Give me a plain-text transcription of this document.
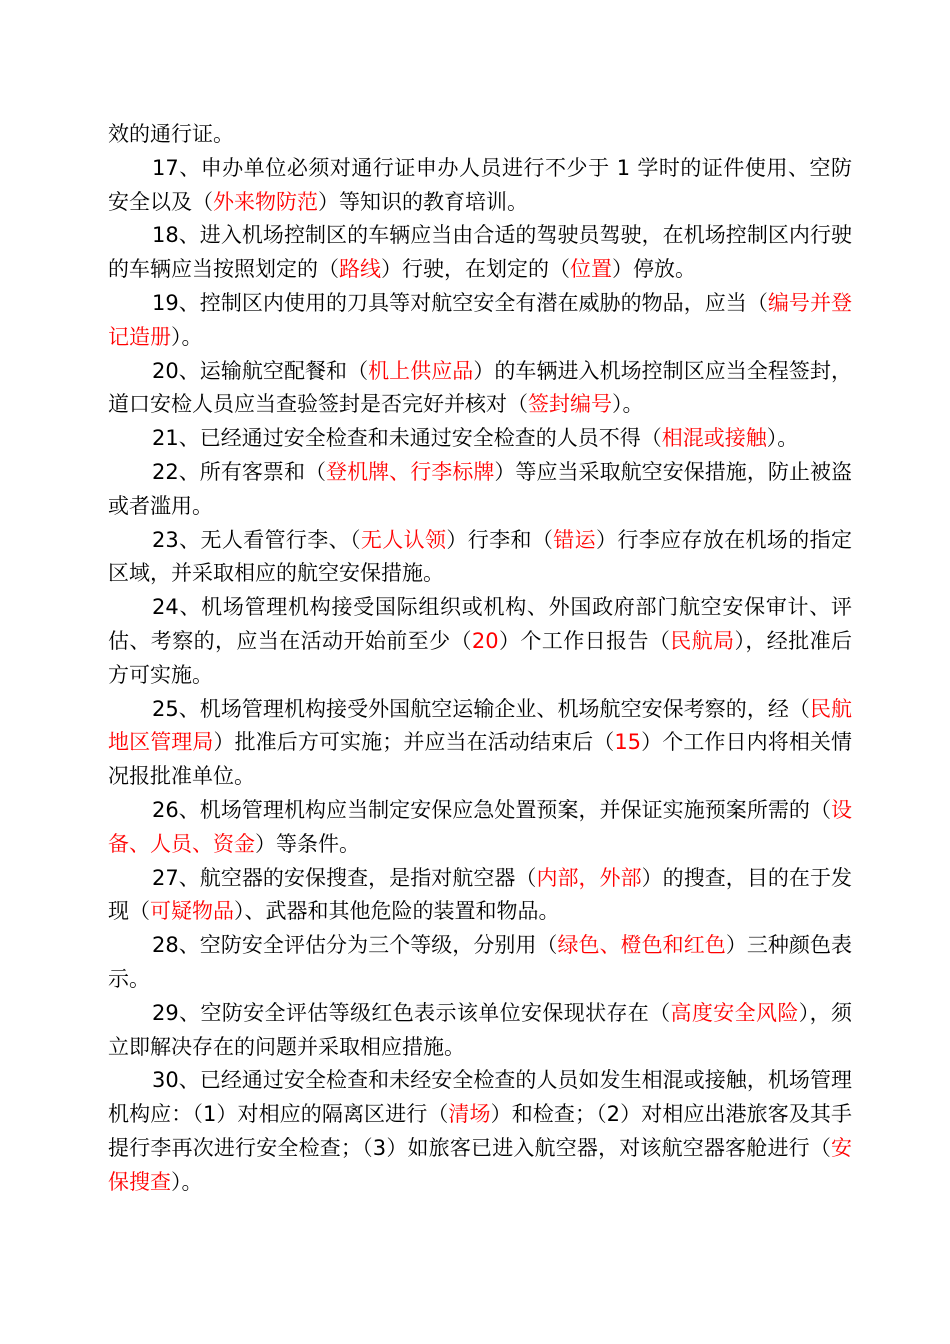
效的通行证。

17、申办单位必须对通行证申办人员进行不少于 1 学时的证件使用、空防安全以及（外来物防范）等知识的教育培训。

18、进入机场控制区的车辆应当由合适的驾驶员驾驶，在机场控制区内行驶的车辆应当按照划定的（路线）行驶，在划定的（位置）停放。

19、控制区内使用的刀具等对航空安全有潜在威胁的物品，应当（编号并登记造册）。

20、运输航空配餐和（机上供应品）的车辆进入机场控制区应当全程签封，道口安检人员应当查验签封是否完好并核对（签封编号）。

21、已经通过安全检查和未通过安全检查的人员不得（相混或接触）。

22、所有客票和（登机牌、行李标牌）等应当采取航空安保措施，防止被盗或者滥用。

23、无人看管行李、（无人认领）行李和（错运）行李应存放在机场的指定区域，并采取相应的航空安保措施。

24、机场管理机构接受国际组织或机构、外国政府部门航空安保审计、评估、考察的，应当在活动开始前至少（20）个工作日报告（民航局），经批准后方可实施。

25、机场管理机构接受外国航空运输企业、机场航空安保考察的，经（民航地区管理局）批准后方可实施；并应当在活动结束后（15）个工作日内将相关情况报批准单位。

26、机场管理机构应当制定安保应急处置预案，并保证实施预案所需的（设备、人员、资金）等条件。

27、航空器的安保搜查，是指对航空器（内部，外部）的搜查，目的在于发现（可疑物品）、武器和其他危险的装置和物品。

28、空防安全评估分为三个等级，分别用（绿色、橙色和红色）三种颜色表示。

29、空防安全评估等级红色表示该单位安保现状存在（高度安全风险），须立即解决存在的问题并采取相应措施。

30、已经通过安全检查和未经安全检查的人员如发生相混或接触，机场管理机构应：（1）对相应的隔离区进行（清场）和检查；（2）对相应出港旅客及其手提行李再次进行安全检查；（3）如旅客已进入航空器，对该航空器客舱进行（安保搜查）。
